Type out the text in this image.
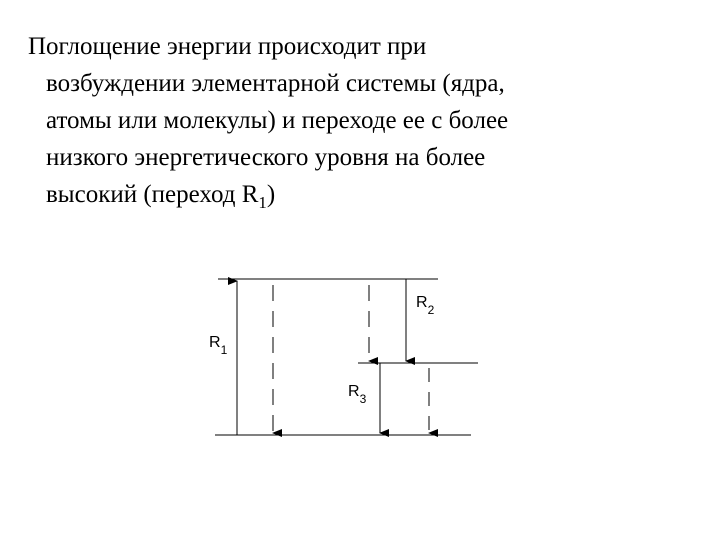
Поглощение энергии происходит при
возбуждении элементарной системы (ядра,
атомы или молекулы) и переходе ее с более
низкого энергетического уровня на более
высокий (переход $R_1$)
$R_1$
$R_2$
$R_3$
